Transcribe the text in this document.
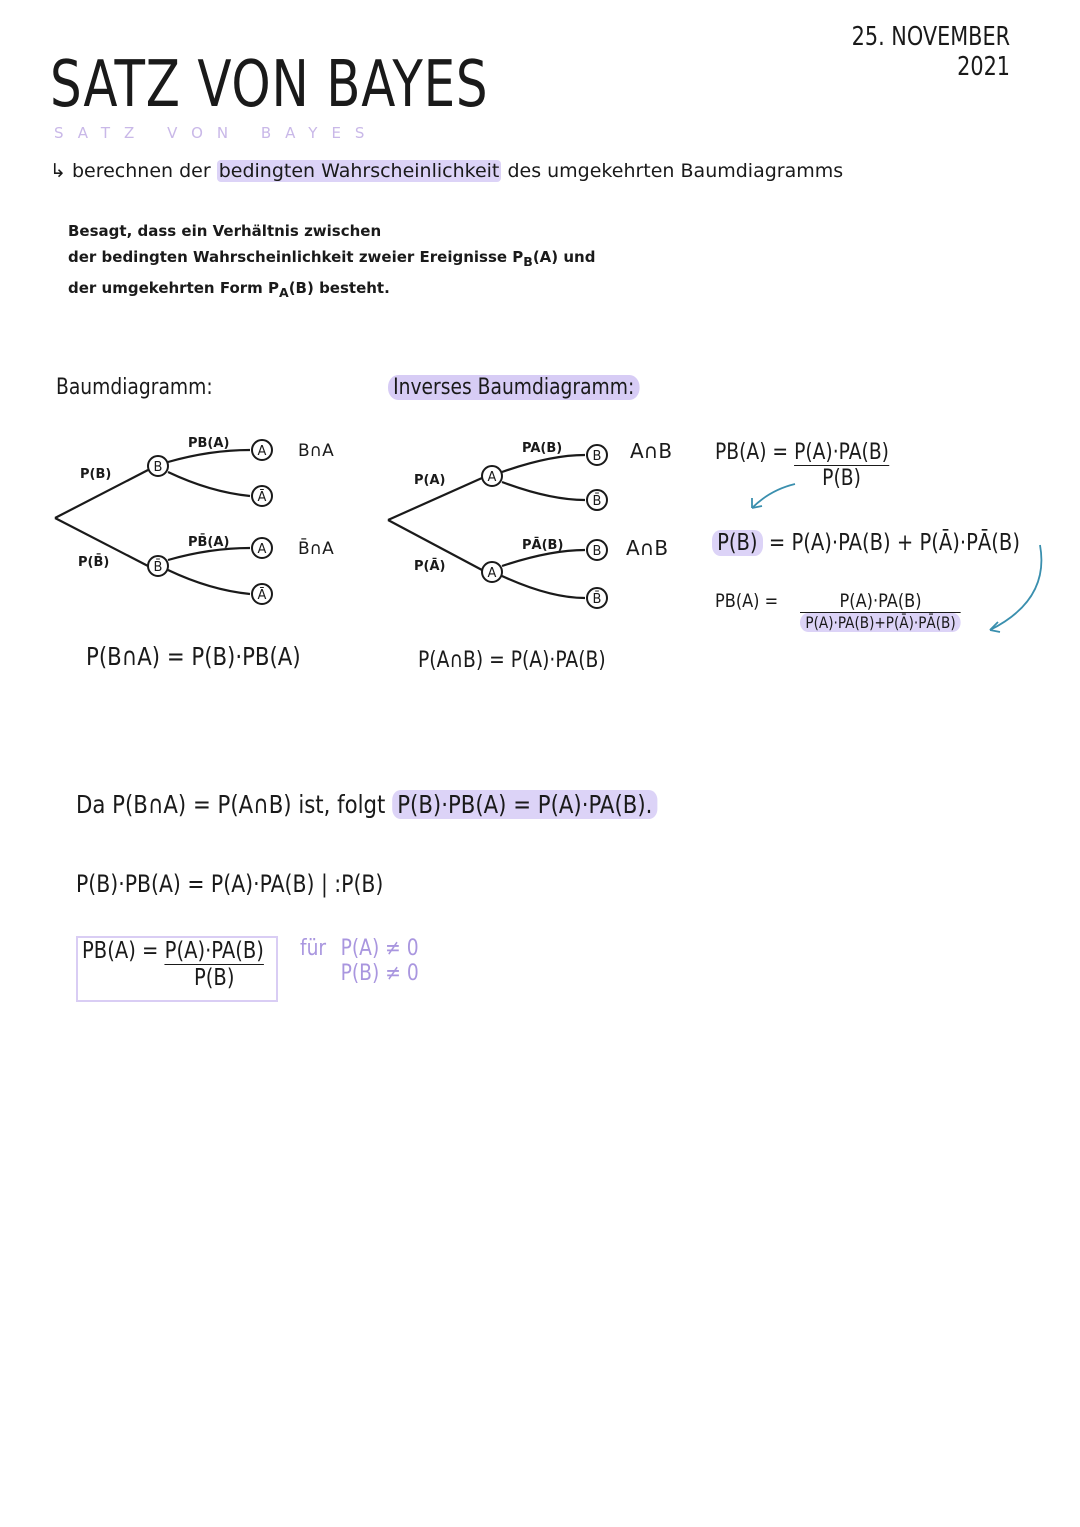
SATZ VON BAYES
SATZ VON BAYES
25. NOVEMBER
2021
↳ berechnen der bedingten Wahrscheinlichkeit des umgekehrten Baumdiagramms
Besagt, dass ein Verhältnis zwischen
der bedingten Wahrscheinlichkeit zweier Ereignisse $P_B(A)$ und
der umgekehrten Form $P_A(B)$ besteht.
Baumdiagramm:	Inverses Baumdiagramm:
B
B̄
A
Ā
A
Ā
P(B)
P(B̄)
PB(A)
PB̄(A)
B∩A
B̄∩A
A
A
B
B̄
B
B̄
P(A)
P(Ā)
PA(B)
PĀ(B)
A∩B
A∩B
P(B∩A) = P(B)·PB(A)	P(A∩B) = P(A)·PA(B)
$PB(A) = \frac{P(A)\cdot PA(B)}{P(B)}$
P(B) = P(A)·PA(B) + P(Ā)·PĀ(B)
PB(A) =	P(A)·PA(B)
P(A)·PA(B)+P(Ā)·PĀ(B)
Da P(B∩A) = P(A∩B) ist, folgt P(B)·PB(A) = P(A)·PA(B).
P(B)·PB(A) = P(A)·PA(B) | :P(B)
$PB(A) = \frac{P(A)\cdot PA(B)}{P(B)}$ für P(A) ≠ 0
P(B) ≠ 0
